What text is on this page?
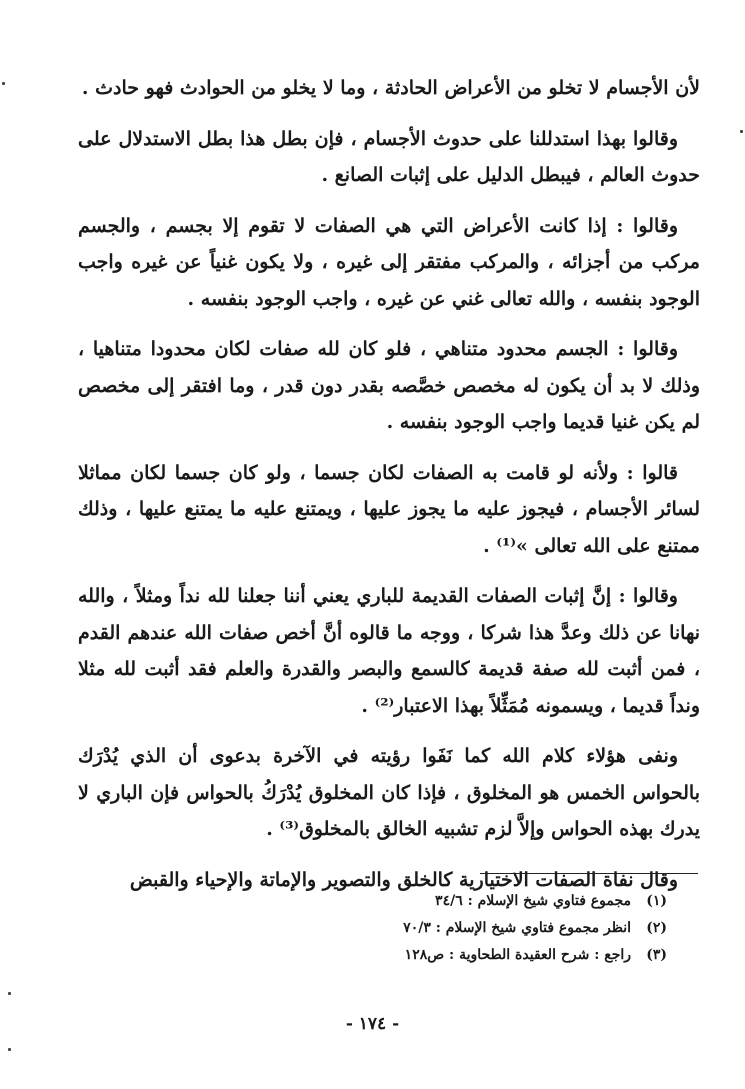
لأن الأجسام لا تخلو من الأعراض الحادثة ، وما لا يخلو من الحوادث فهو حادث .

وقالوا بهذا استدللنا على حدوث الأجسام ، فإن بطل هذا بطل الاستدلال على حدوث العالم ، فيبطل الدليل على إثبات الصانع .

وقالوا : إذا كانت الأعراض التي هي الصفات لا تقوم إلا بجسم ، والجسم مركب من أجزائه ، والمركب مفتقر إلى غيره ، ولا يكون غنياً عن غيره واجب الوجود بنفسه ، والله تعالى غني عن غيره ، واجب الوجود بنفسه .

وقالوا : الجسم محدود متناهي ، فلو كان لله صفات لكان محدودا متناهيا ، وذلك لا بد أن يكون له مخصص خصَّصه بقدر دون قدر ، وما افتقر إلى مخصص لم يكن غنيا قديما واجب الوجود بنفسه .

قالوا : ولأنه لو قامت به الصفات لكان جسما ، ولو كان جسما لكان مماثلا لسائر الأجسام ، فيجوز عليه ما يجوز عليها ، ويمتنع عليه ما يمتنع عليها ، وذلك ممتنع على الله تعالى »⁽¹⁾ .

وقالوا : إنَّ إثبات الصفات القديمة للباري يعني أننا جعلنا لله نداً ومثلاً ، والله نهانا عن ذلك وعدَّ هذا شركا ، ووجه ما قالوه أنَّ أخص صفات الله عندهم القدم ، فمن أثبت لله صفة قديمة كالسمع والبصر والقدرة والعلم فقد أثبت لله مثلا ونداً قديما ، ويسمونه مُمَثِّلاً بهذا الاعتبار⁽²⁾ .

ونفى هؤلاء كلام الله كما نَفَوا رؤيته في الآخرة بدعوى أن الذي يُدْرَك بالحواس الخمس هو المخلوق ، فإذا كان المخلوق يُدْرَكُ بالحواس فإن الباري لا يدرك بهذه الحواس وإلاَّ لزم تشبيه الخالق بالمخلوق⁽³⁾ .

وقال نفاة الصفات الاختيارية كالخلق والتصوير والإماتة والإحياء والقبض

(١)
مجموع فتاوي شيخ الإسلام : ٣٤/٦
(٢)
انظر مجموع فتاوي شيخ الإسلام : ٧٠/٣
(٣)
راجع : شرح العقيدة الطحاوية : ص١٢٨
- ١٧٤ -
